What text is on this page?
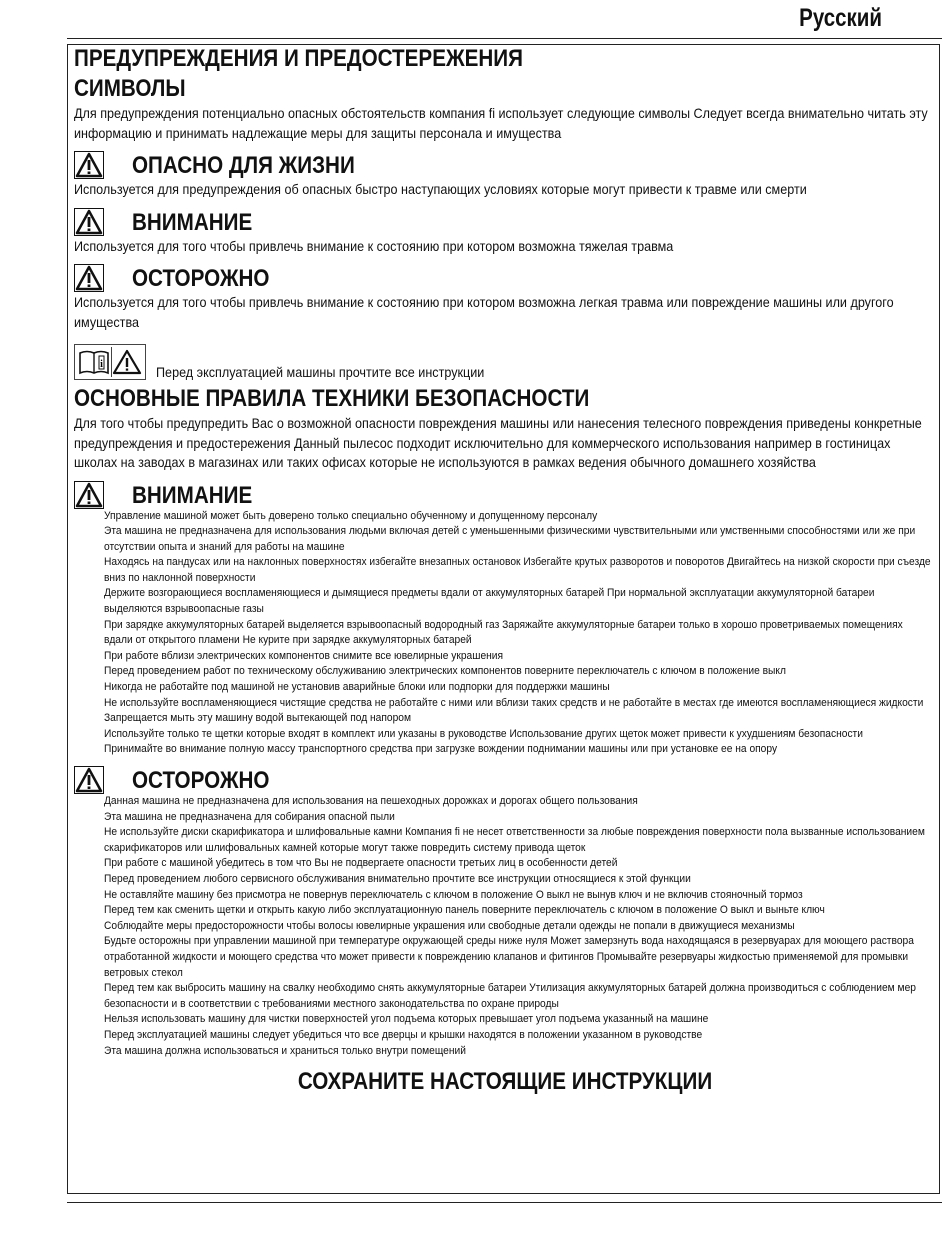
Русский
ПРЕДУПРЕЖДЕНИЯ И ПРЕДОСТЕРЕЖЕНИЯ
СИМВОЛЫ

Для предупреждения потенциально опасных обстоятельств компания fi использует следующие символы Следует всегда внимательно читать эту информацию и принимать надлежащие меры для защиты персонала и имущества

ОПАСНО ДЛЯ ЖИЗНИ

Используется для предупреждения об опасных быстро наступающих условиях которые могут привести к травме или смерти

ВНИМАНИЕ

Используется для того чтобы привлечь внимание к состоянию при котором возможна тяжелая травма

ОСТОРОЖНО

Используется для того чтобы привлечь внимание к состоянию при котором возможна легкая травма или повреждение машины или другого имущества

i	Перед эксплуатацией машины прочтите все инструкции
ОСНОВНЫЕ ПРАВИЛА ТЕХНИКИ БЕЗОПАСНОСТИ

Для того чтобы предупредить Вас о возможной опасности повреждения машины или нанесения телесного повреждения приведены конкретные предупреждения и предостережения Данный пылесос подходит исключительно для коммерческого использования например в гостиницах школах на заводах в магазинах или таких офисах которые не используются в рамках ведения обычного домашнего хозяйства

ВНИМАНИЕ
Управление машиной может быть доверено только специально обученному и допущенному персоналу
Эта машина не предназначена для использования людьми включая детей с уменьшенными физическими чувствительными или умственными способностями или же при отсутствии опыта и знаний для работы на машине
Находясь на пандусах или на наклонных поверхностях избегайте внезапных остановок Избегайте крутых разворотов и поворотов Двигайтесь на низкой скорости при съезде вниз по наклонной поверхности
Держите возгорающиеся воспламеняющиеся и дымящиеся предметы вдали от аккумуляторных батарей При нормальной эксплуатации аккумуляторной батареи выделяются взрывоопасные газы
При зарядке аккумуляторных батарей выделяется взрывоопасный водородный газ Заряжайте аккумуляторные батареи только в хорошо проветриваемых помещениях вдали от открытого пламени Не курите при зарядке аккумуляторных батарей
При работе вблизи электрических компонентов снимите все ювелирные украшения
Перед проведением работ по техническому обслуживанию электрических компонентов поверните переключатель с ключом в положение выкл
Никогда не работайте под машиной не установив аварийные блоки или подпорки для поддержки машины
Не используйте воспламеняющиеся чистящие средства не работайте с ними или вблизи таких средств и не работайте в местах где имеются воспламеняющиеся жидкости
Запрещается мыть эту машину водой вытекающей под напором
Используйте только те щетки которые входят в комплект или указаны в руководстве Использование других щеток может привести к ухудшениям безопасности
Принимайте во внимание полную массу транспортного средства при загрузке вождении поднимании машины или при установке ее на опору
ОСТОРОЖНО
Данная машина не предназначена для использования на пешеходных дорожках и дорогах общего пользования
Эта машина не предназначена для собирания опасной пыли
Не используйте диски скарификатора и шлифовальные камни Компания fi не несет ответственности за любые повреждения поверхности пола вызванные использованием скарификаторов или шлифовальных камней которые могут также повредить систему привода щеток
При работе с машиной убедитесь в том что Вы не подвергаете опасности третьих лиц в особенности детей
Перед проведением любого сервисного обслуживания внимательно прочтите все инструкции относящиеся к этой функции
Не оставляйте машину без присмотра не повернув переключатель с ключом в положение О выкл не вынув ключ и не включив стояночный тормоз
Перед тем как сменить щетки и открыть какую либо эксплуатационную панель поверните переключатель с ключом в положение О выкл и выньте ключ
Соблюдайте меры предосторожности чтобы волосы ювелирные украшения или свободные детали одежды не попали в движущиеся механизмы
Будьте осторожны при управлении машиной при температуре окружающей среды ниже нуля Может замерзнуть вода находящаяся в резервуарах для моющего раствора отработанной жидкости и моющего средства что может привести к повреждению клапанов и фитингов Промывайте резервуары жидкостью применяемой для промывки ветровых стекол
Перед тем как выбросить машину на свалку необходимо снять аккумуляторные батареи Утилизация аккумуляторных батарей должна производиться с соблюдением мер безопасности и в соответствии с требованиями местного законодательства по охране природы
Нельзя использовать машину для чистки поверхностей угол подъема которых превышает угол подъема указанный на машине
Перед эксплуатацией машины следует убедиться что все дверцы и крышки находятся в положении указанном в руководстве
Эта машина должна использоваться и храниться только внутри помещений
СОХРАНИТЕ НАСТОЯЩИЕ ИНСТРУКЦИИ
